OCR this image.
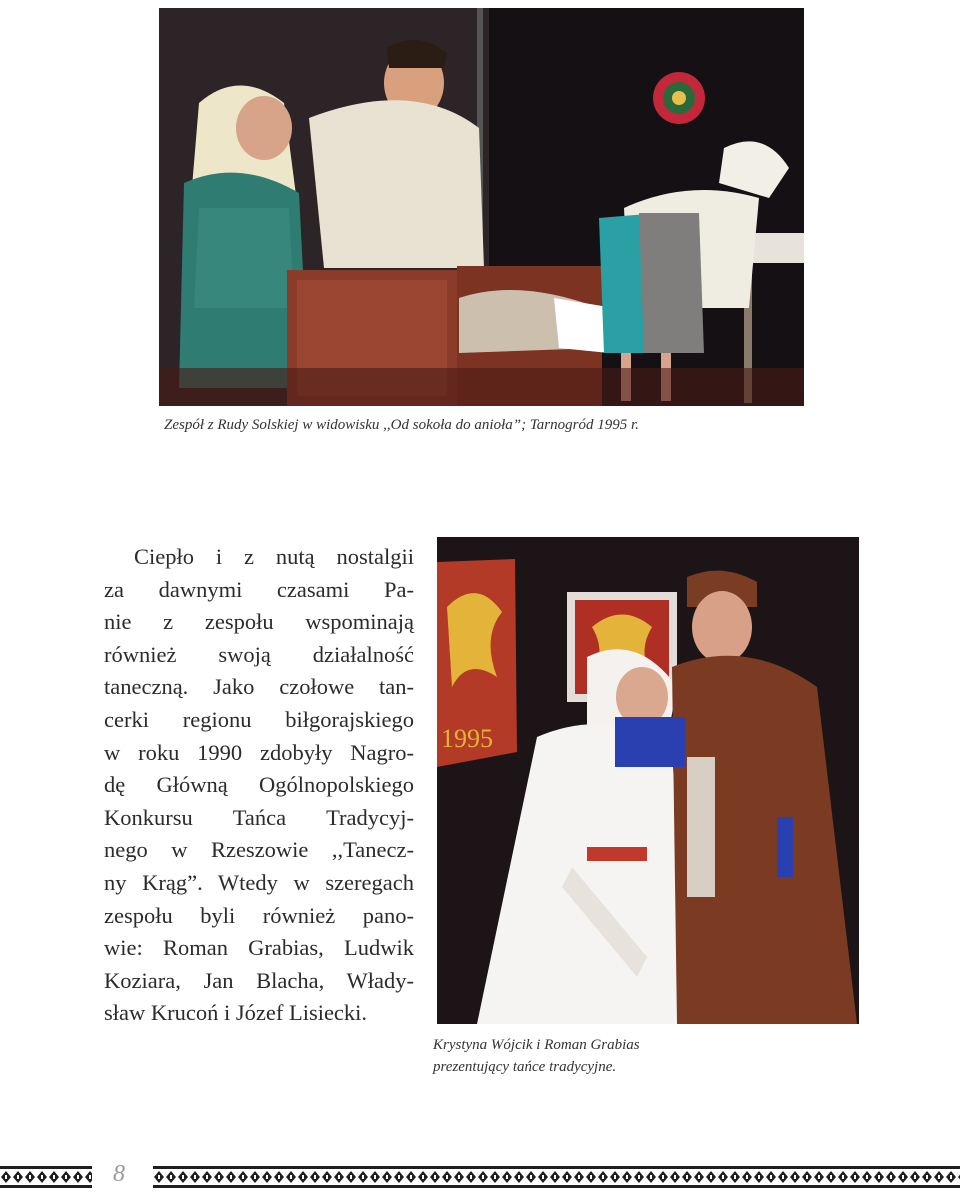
Zespół z Rudy Solskiej w widowisku ,,Od sokoła do anioła”; Tarnogród 1995 r.
Ciepło i z nutą nostalgii
za dawnymi czasami Pa-
nie z zespołu wspominają
również swoją działalność
taneczną. Jako czołowe tan-
cerki regionu biłgorajskiego
w roku 1990 zdobyły Nagro-
dę Główną Ogólnopolskiego
Konkursu Tańca Tradycyj-
nego w Rzeszowie ,,Tanecz-
ny Krąg”. Wtedy w szeregach
zespołu byli również pano-
wie: Roman Grabias, Ludwik
Koziara, Jan Blacha, Włady-
sław Krucoń i Józef Lisiecki.
1995
Krystyna Wójcik i Roman Grabias
prezentujący tańce tradycyjne.
8
